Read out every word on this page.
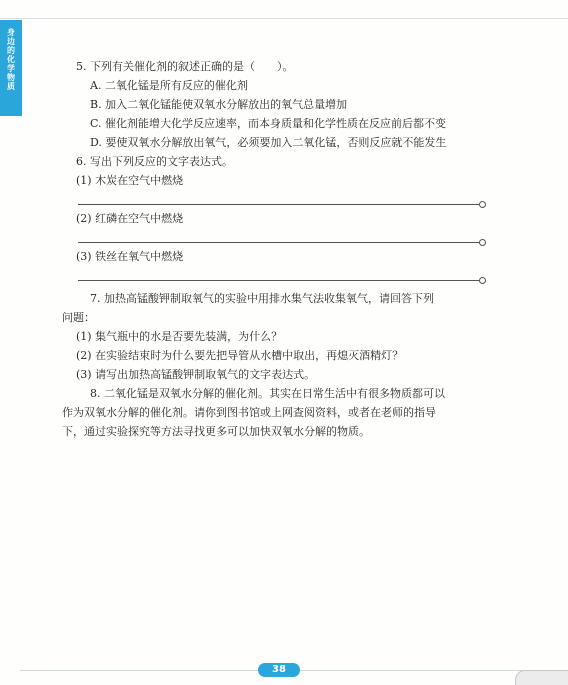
身边的化学物质	5. 下列有关催化剂的叙述正确的是（　　）。

A. 二氧化锰是所有反应的催化剂

B. 加入二氧化锰能使双氧水分解放出的氧气总量增加

C. 催化剂能增大化学反应速率，而本身质量和化学性质在反应前后都不变

D. 要使双氧水分解放出氧气，必须要加入二氧化锰，否则反应就不能发生

6. 写出下列反应的文字表达式。

(1) 木炭在空气中燃烧

(2) 红磷在空气中燃烧

(3) 铁丝在氧气中燃烧

7. 加热高锰酸钾制取氧气的实验中用排水集气法收集氧气，请回答下列

问题：

(1) 集气瓶中的水是否要先装满，为什么？

(2) 在实验结束时为什么要先把导管从水槽中取出，再熄灭酒精灯？

(3) 请写出加热高锰酸钾制取氧气的文字表达式。

8. 二氧化锰是双氧水分解的催化剂。其实在日常生活中有很多物质都可以

作为双氧水分解的催化剂。请你到图书馆或上网查阅资料，或者在老师的指导

下，通过实验探究等方法寻找更多可以加快双氧水分解的物质。

38
